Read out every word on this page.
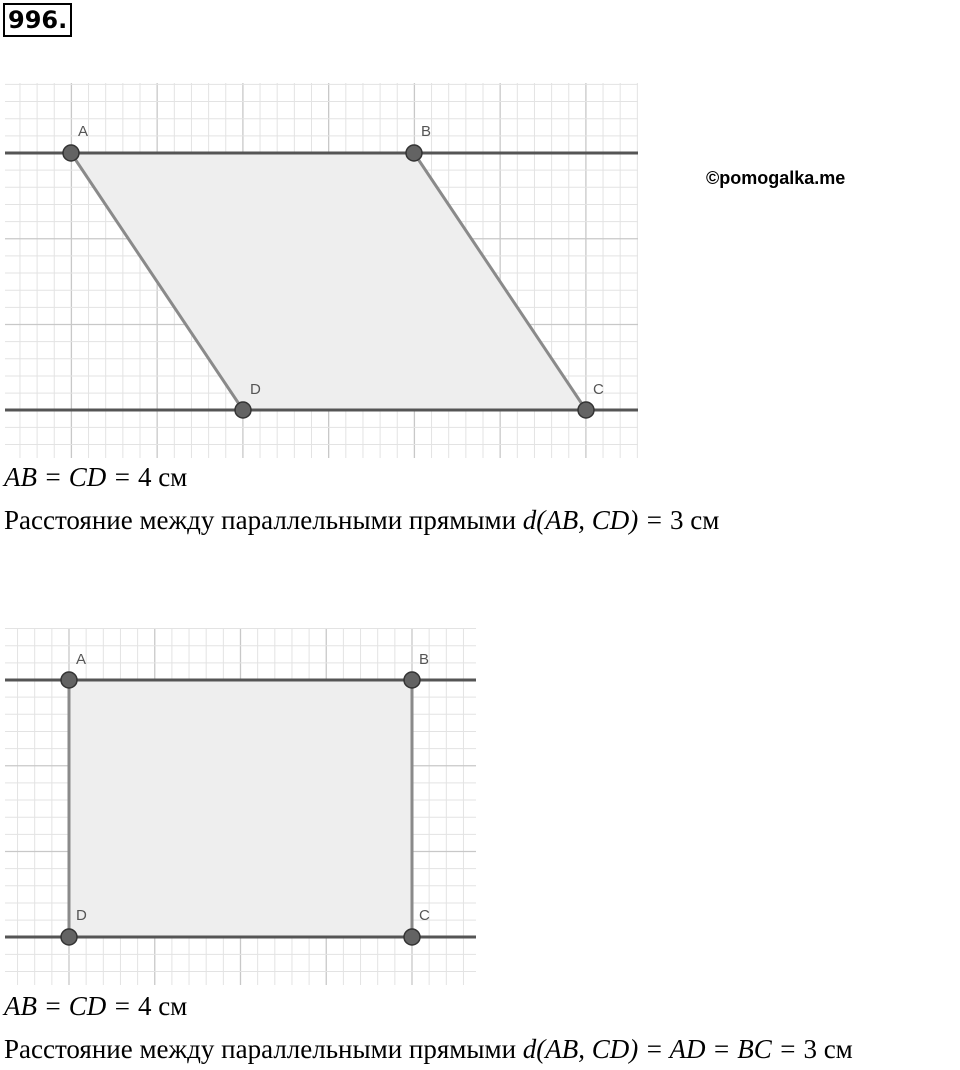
996.
A	B
C
D
©pomogalka.me
AB = CD = 4 см
Расстояние между параллельными прямыми d(AB, CD) = 3 см
A	B
C
D
AB = CD = 4 см
Расстояние между параллельными прямыми d(AB, CD) = AD = BC = 3 см
